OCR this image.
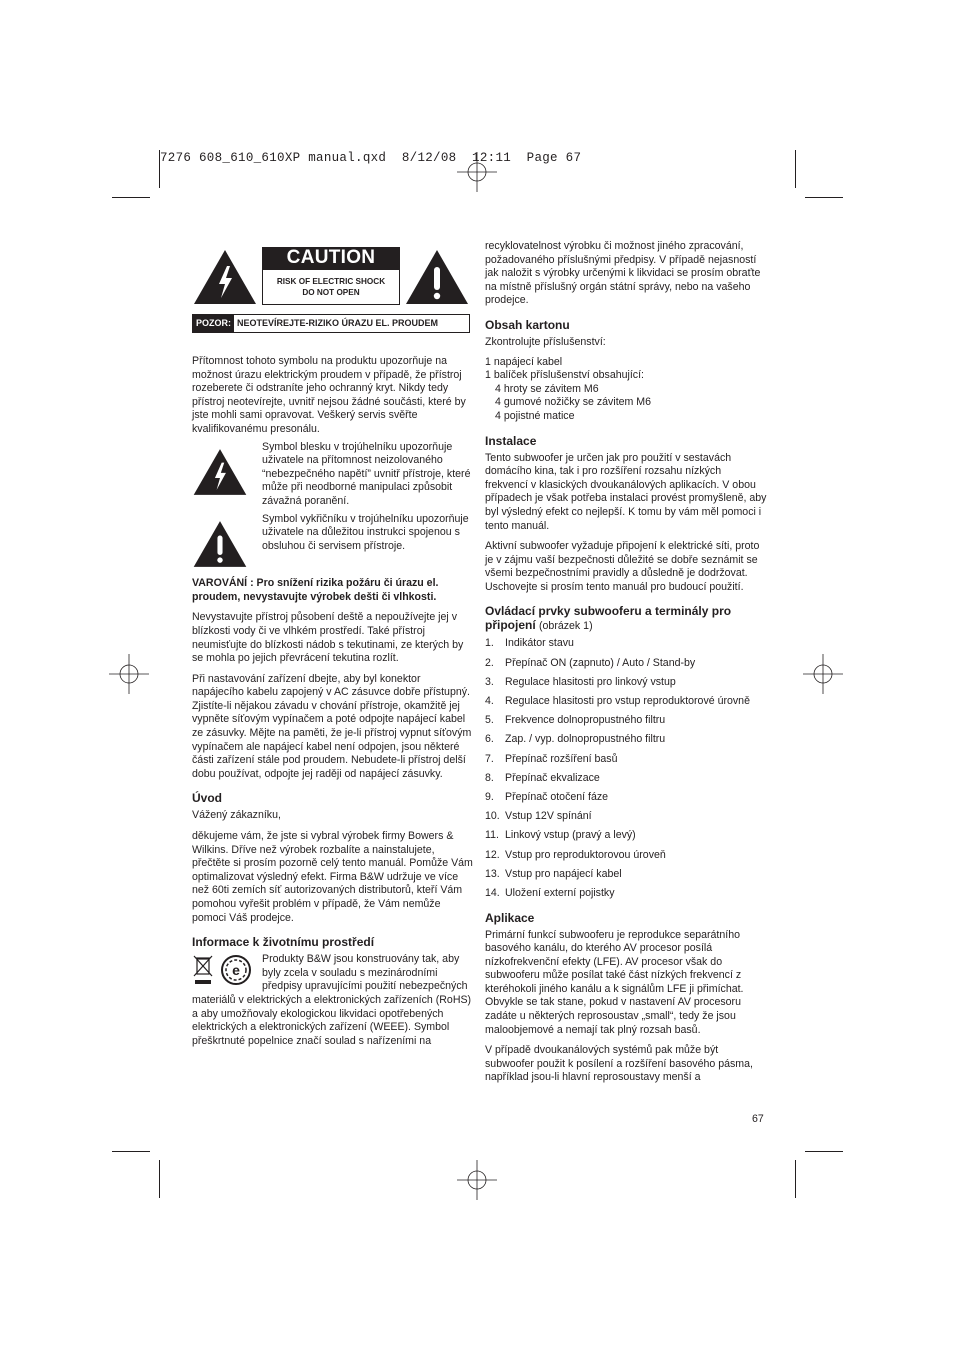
7276 608_610_610XP manual.qxd  8/12/08  12:11  Page 67
CAUTION
RISK OF ELECTRIC SHOCK
DO NOT OPEN
POZOR: NEOTEVÍREJTE-RIZIKO ÚRAZU EL. PROUDEM

Přítomnost tohoto symbolu na produktu upozorňuje na možnost úrazu elektrickým proudem v případě, že přístroj rozeberete či odstraníte jeho ochranný kryt. Nikdy tedy přístroj neotevírejte, uvnitř nejsou žádné součásti, které by jste mohli sami opravovat. Veškerý servis svěřte kvalifikovanému presonálu.

Symbol blesku v trojúhelníku upozorňuje uživatele na přítomnost neizolovaného “nebezpečného napětí” uvnitř přístroje, které může při neodborné manipulaci způsobit závažná poranění.
Symbol vykřičníku v trojúhelníku upozorňuje uživatele na důležitou instrukci spojenou s obsluhou či servisem přístroje.

VAROVÁNÍ : Pro snížení rizika požáru či úrazu el. proudem, nevystavujte výrobek dešti či vlhkosti.

Nevystavujte přístroj působení deště a nepoužívejte jej v blízkosti vody či ve vlhkém prostředí. Také přístroj neumisťujte do blízkosti nádob s tekutinami, ze kterých by se mohla po jejich převrácení tekutina rozlít.

Při nastavování zařízení dbejte, aby byl konektor napájecího kabelu zapojený v AC zásuvce dobře přístupný. Zjistíte-li nějakou závadu v chování přístroje, okamžitě jej vypněte síťovým vypínačem a poté odpojte napájecí kabel ze zásuvky. Mějte na paměti, že je-li přístroj vypnut síťovým vypínačem ale napájecí kabel není odpojen, jsou některé části zařízení stále pod proudem. Nebudete-li přístroj delší dobu používat, odpojte jej raději od napájecí zásuvky.

Úvod

Vážený zákazníku,

děkujeme vám, že jste si vybral výrobek firmy Bowers & Wilkins. Dříve než výrobek rozbalíte a nainstalujete, přečtěte si prosím pozorně celý tento manuál. Pomůže Vám optimalizovat výsledný efekt. Firma B&W udržuje ve více než 60ti zemích síť autorizovaných distributorů, kteří Vám pomohou vyřešit problém v případě, že Vám nemůže pomoci Váš prodejce.

Informace k životnímu prostředí
e
Produkty B&W jsou konstruovány tak, aby byly zcela v souladu s mezinárodními předpisy upravujícími použití nebezpečných materiálů v elektrických a elektronických zařízeních (RoHS) a aby umožňovaly ekologickou likvidaci opotřebených elektrických a elektronických zařízení (WEEE). Symbol přeškrtnuté popelnice značí soulad s nařízeními na

recyklovatelnost výrobku či možnost jiného zpracování, požadovaného příslušnými předpisy. V případě nejasností jak naložit s výrobky určenými k likvidaci se prosím obraťte na místně příslušný orgán státní správy, nebo na vašeho prodejce.

Obsah kartonu

Zkontrolujte příslušenství:

1 napájecí kabel
1 balíček příslušenství obsahující:
4 hroty se závitem M6
4 gumové nožičky se závitem M6
4 pojistné matice
Instalace

Tento subwoofer je určen jak pro použití v sestavách domácího kina, tak i pro rozšíření rozsahu nízkých frekvencí v klasických dvoukanálových aplikacích. V obou případech je však potřeba instalaci provést promyšleně, aby byl výsledný efekt co nejlepší. K tomu by vám měl pomoci i tento manuál.

Aktivní subwoofer vyžaduje připojení k elektrické síti, proto je v zájmu vaší bezpečnosti důležité se dobře seznámit se všemi bezpečnostními pravidly a důsledně je dodržovat. Uschovejte si prosím tento manuál pro budoucí použití.

Ovládací prvky subwooferu a terminály pro připojení (obrázek 1)
1.	Indikátor stavu
2.	Přepínač ON (zapnuto) / Auto / Stand-by
3.	Regulace hlasitosti pro linkový vstup
4.	Regulace hlasitosti pro vstup reproduktorové úrovně
5.	Frekvence dolnopropustného filtru
6.	Zap. / vyp. dolnopropustného filtru
7.	Přepínač rozšíření basů
8.	Přepínač ekvalizace
9.	Přepínač otočení fáze
10. Vstup 12V spínání
11. Linkový vstup (pravý a levý)
12. Vstup pro reproduktorovou úroveň
13. Vstup pro napájecí kabel
14. Uložení externí pojistky
Aplikace

Primární funkcí subwooferu je reprodukce separátního basového kanálu, do kterého AV procesor posílá nízkofrekvenční efekty (LFE). AV procesor však do subwooferu může posílat také část nízkých frekvencí z kteréhokoli jiného kanálu a k signálům LFE ji přimíchat. Obvykle se tak stane, pokud v nastavení AV procesoru zadáte u některých reprosoustav „small“, tedy že jsou maloobjemové a nemají tak plný rozsah basů.

V případě dvoukanálových systémů pak může být subwoofer použit k posílení a rozšíření basového pásma, například jsou-li hlavní reprosoustavy menší a

67
